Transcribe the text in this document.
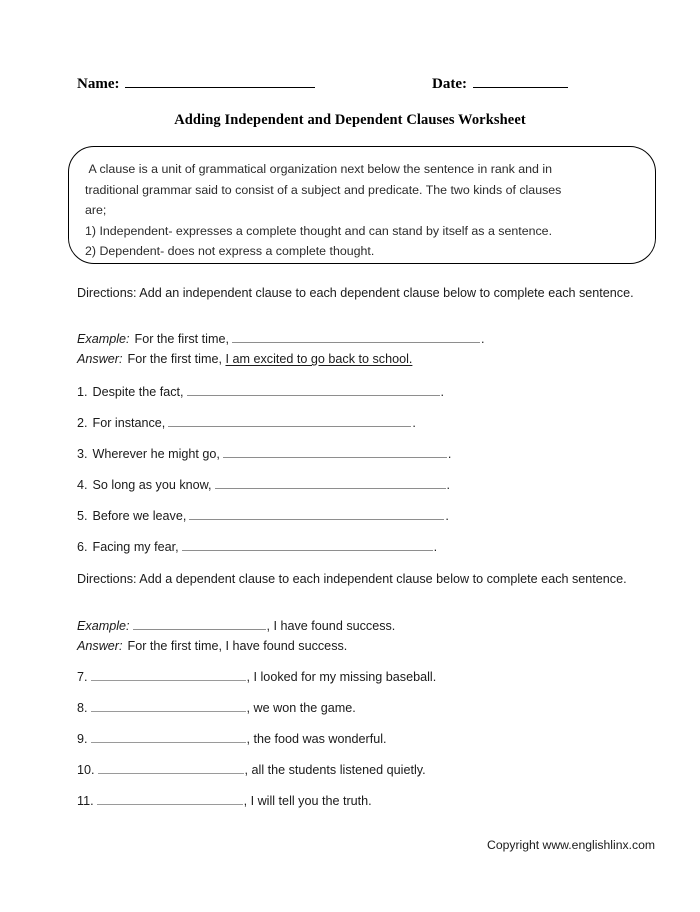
Name:	Date:
Adding Independent and Dependent Clauses Worksheet
A clause is a unit of grammatical organization next below the sentence in rank and in
traditional grammar said to consist of a subject and predicate. The two kinds of clauses
are;
1) Independent- expresses a complete thought and can stand by itself as a sentence.
2) Dependent- does not express a complete thought.
Directions: Add an independent clause to each dependent clause below to complete each sentence.
Example: For the first time,	.
Answer: For the first time, I am excited to go back to school.
1. Despite the fact,	.
2. For instance,	.
3. Wherever he might go,	.
4. So long as you know,	.
5. Before we leave,	.
6. Facing my fear,	.
Directions: Add a dependent clause to each independent clause below to complete each sentence.
Example:	, I have found success.
Answer: For the first time, I have found success.
7.	, I looked for my missing baseball.
8.	, we won the game.
9.	, the food was wonderful.
10.	, all the students listened quietly.
11.	, I will tell you the truth.
Copyright www.englishlinx.com
